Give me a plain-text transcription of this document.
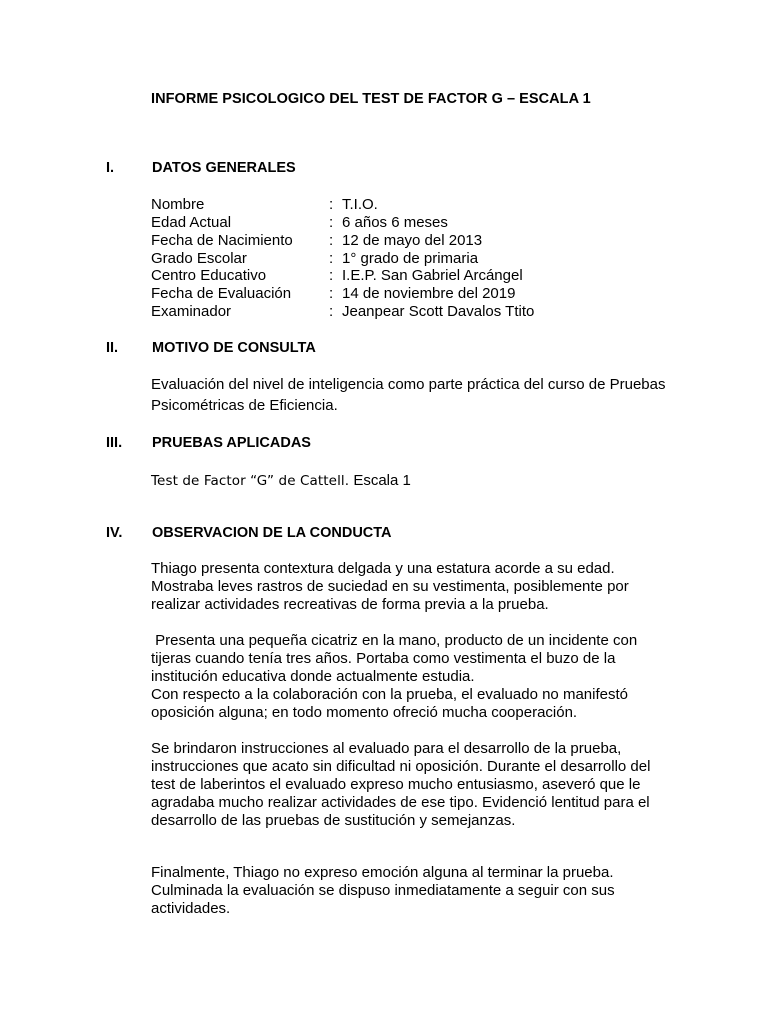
INFORME PSICOLOGICO DEL TEST DE FACTOR G – ESCALA 1
I.	DATOS GENERALES
Nombre	: T.I.O.
Edad Actual	: 6 años 6 meses
Fecha de Nacimiento : 12 de mayo del 2013
Grado Escolar	: 1° grado de primaria
Centro Educativo	: I.E.P. San Gabriel Arcángel
Fecha de Evaluación	: 14 de noviembre del 2019
Examinador	: Jeanpear Scott Davalos Ttito
II. MOTIVO DE CONSULTA
Evaluación del nivel de inteligencia como parte práctica del curso de Pruebas
Psicométricas de Eficiencia.
III. PRUEBAS APLICADAS
Test de Factor “G” de Cattell. Escala 1
IV. OBSERVACION DE LA CONDUCTA
Thiago presenta contextura delgada y una estatura acorde a su edad.
Mostraba leves rastros de suciedad en su vestimenta, posiblemente por
realizar actividades recreativas de forma previa a la prueba.
Presenta una pequeña cicatriz en la mano, producto de un incidente con
tijeras cuando tenía tres años. Portaba como vestimenta el buzo de la
institución educativa donde actualmente estudia.
Con respecto a la colaboración con la prueba, el evaluado no manifestó
oposición alguna; en todo momento ofreció mucha cooperación.
Se brindaron instrucciones al evaluado para el desarrollo de la prueba,
instrucciones que acato sin dificultad ni oposición. Durante el desarrollo del
test de laberintos el evaluado expreso mucho entusiasmo, aseveró que le
agradaba mucho realizar actividades de ese tipo. Evidenció lentitud para el
desarrollo de las pruebas de sustitución y semejanzas.
Finalmente, Thiago no expreso emoción alguna al terminar la prueba.
Culminada la evaluación se dispuso inmediatamente a seguir con sus
actividades.
